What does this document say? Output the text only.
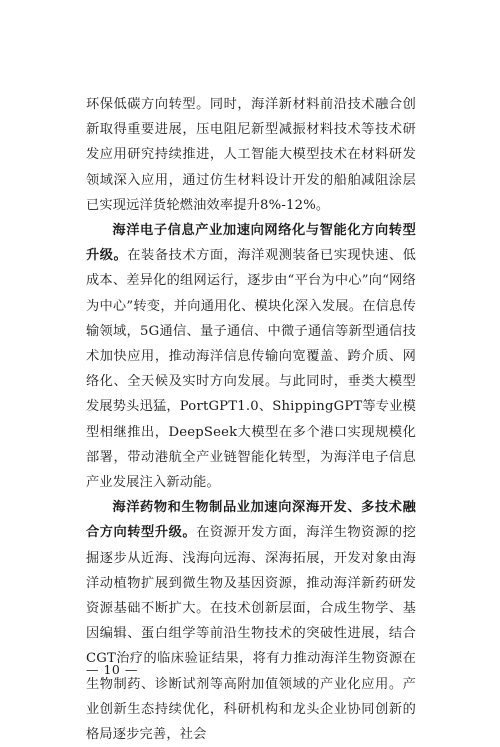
环保低碳方向转型。同时，海洋新材料前沿技术融合创新取得重要进展，压电阻尼新型减振材料技术等技术研发应用研究持续推进，人工智能大模型技术在材料研发领域深入应用，通过仿生材料设计开发的船舶减阻涂层已实现远洋货轮燃油效率提升8%-12%。

海洋电子信息产业加速向网络化与智能化方向转型升级。在装备技术方面，海洋观测装备已实现快速、低成本、差异化的组网运行，逐步由“平台为中心”向“网络为中心”转变，并向通用化、模块化深入发展。在信息传输领域，5G通信、量子通信、中微子通信等新型通信技术加快应用，推动海洋信息传输向宽覆盖、跨介质、网络化、全天候及实时方向发展。与此同时，垂类大模型发展势头迅猛，PortGPT1.0、ShippingGPT等专业模型相继推出，DeepSeek大模型在多个港口实现规模化部署，带动港航全产业链智能化转型，为海洋电子信息产业发展注入新动能。

海洋药物和生物制品业加速向深海开发、多技术融合方向转型升级。在资源开发方面，海洋生物资源的挖掘逐步从近海、浅海向远海、深海拓展，开发对象由海洋动植物扩展到微生物及基因资源，推动海洋新药研发资源基础不断扩大。在技术创新层面，合成生物学、基因编辑、蛋白组学等前沿生物技术的突破性进展，结合CGT治疗的临床验证结果，将有力推动海洋生物资源在生物制药、诊断试剂等高附加值领域的产业化应用。产业创新生态持续优化，科研机构和龙头企业协同创新的格局逐步完善，社会

— 10 —
